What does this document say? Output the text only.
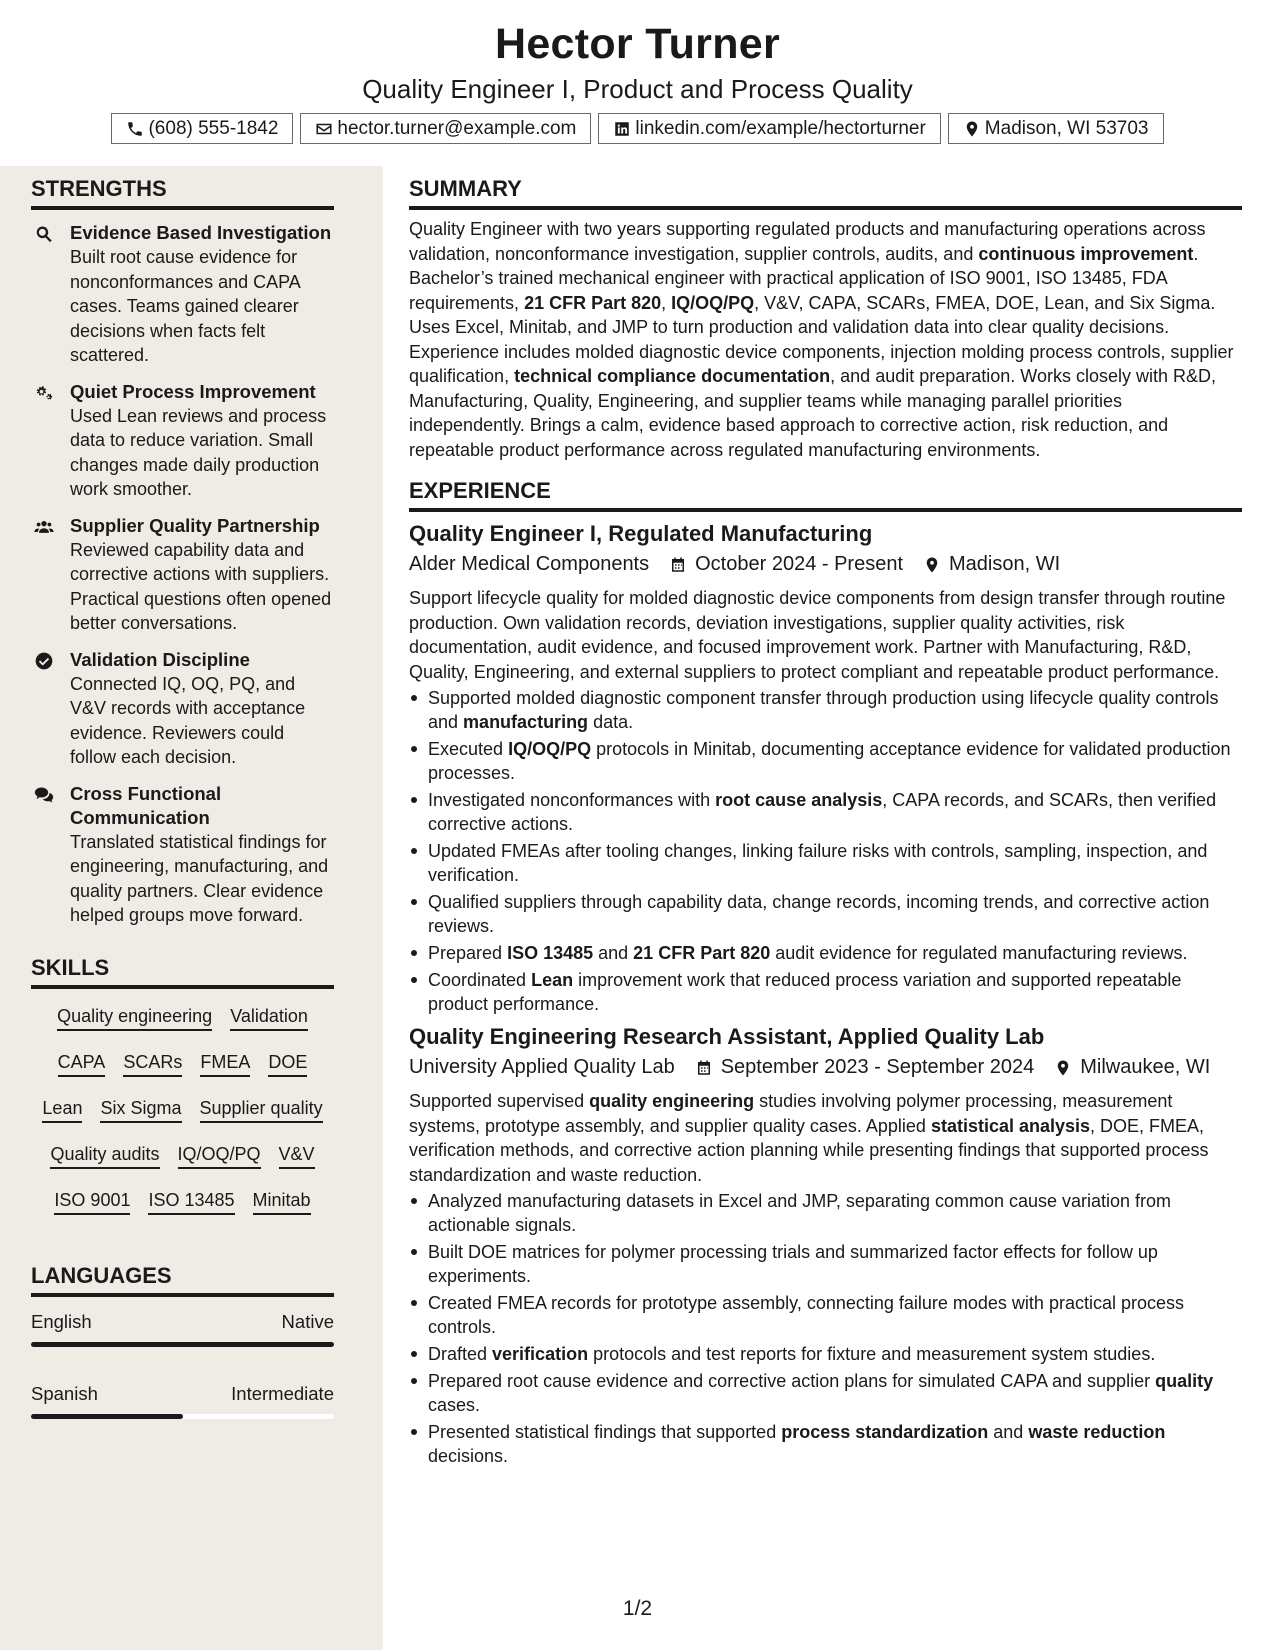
Hector Turner
Quality Engineer I, Product and Process Quality
(608) 555-1842	hector.turner@example.com	linkedin.com/example/hectorturner	Madison, WI 53703
STRENGTHS
Evidence Based Investigation
Built root cause evidence for nonconformances and CAPA cases. Teams gained clearer decisions when facts felt scattered.
Quiet Process Improvement
Used Lean reviews and process data to reduce variation. Small changes made daily production work smoother.
Supplier Quality Partnership
Reviewed capability data and corrective actions with suppliers. Practical questions often opened better conversations.
Validation Discipline
Connected IQ, OQ, PQ, and V&V records with acceptance evidence. Reviewers could follow each decision.
Cross Functional Communication
Translated statistical findings for engineering, manufacturing, and quality partners. Clear evidence helped groups move forward.
SKILLS
Quality engineering Validation
CAPA SCARs FMEA DOE
Lean Six Sigma Supplier quality
Quality audits IQ/OQ/PQ V&V
ISO 9001 ISO 13485 Minitab
LANGUAGES
English	Native
Spanish	Intermediate
SUMMARY
Quality Engineer with two years supporting regulated products and manufacturing operations across validation, nonconformance investigation, supplier controls, audits, and continuous improvement. Bachelor’s trained mechanical engineer with practical application of ISO 9001, ISO 13485, FDA requirements, 21 CFR Part 820, IQ/OQ/PQ, V&V, CAPA, SCARs, FMEA, DOE, Lean, and Six Sigma. Uses Excel, Minitab, and JMP to turn production and validation data into clear quality decisions. Experience includes molded diagnostic device components, injection molding process controls, supplier qualification, technical compliance documentation, and audit preparation. Works closely with R&D, Manufacturing, Quality, Engineering, and supplier teams while managing parallel priorities independently. Brings a calm, evidence based approach to corrective action, risk reduction, and repeatable product performance across regulated manufacturing environments.
EXPERIENCE
Quality Engineer I, Regulated Manufacturing
Alder Medical Components October 2024 - Present Madison, WI
Support lifecycle quality for molded diagnostic device components from design transfer through routine production. Own validation records, deviation investigations, supplier quality activities, risk documentation, audit evidence, and focused improvement work. Partner with Manufacturing, R&D, Quality, Engineering, and external suppliers to protect compliant and repeatable product performance.
Supported molded diagnostic component transfer through production using lifecycle quality controls and manufacturing data.
Executed IQ/OQ/PQ protocols in Minitab, documenting acceptance evidence for validated production processes.
Investigated nonconformances with root cause analysis, CAPA records, and SCARs, then verified corrective actions.
Updated FMEAs after tooling changes, linking failure risks with controls, sampling, inspection, and verification.
Qualified suppliers through capability data, change records, incoming trends, and corrective action reviews.
Prepared ISO 13485 and 21 CFR Part 820 audit evidence for regulated manufacturing reviews.
Coordinated Lean improvement work that reduced process variation and supported repeatable product performance.
Quality Engineering Research Assistant, Applied Quality Lab
University Applied Quality Lab September 2023 - September 2024 Milwaukee, WI
Supported supervised quality engineering studies involving polymer processing, measurement systems, prototype assembly, and supplier quality cases. Applied statistical analysis, DOE, FMEA, verification methods, and corrective action planning while presenting findings that supported process standardization and waste reduction.
Analyzed manufacturing datasets in Excel and JMP, separating common cause variation from actionable signals.
Built DOE matrices for polymer processing trials and summarized factor effects for follow up experiments.
Created FMEA records for prototype assembly, connecting failure modes with practical process controls.
Drafted verification protocols and test reports for fixture and measurement system studies.
Prepared root cause evidence and corrective action plans for simulated CAPA and supplier quality cases.
Presented statistical findings that supported process standardization and waste reduction decisions.
1/2
